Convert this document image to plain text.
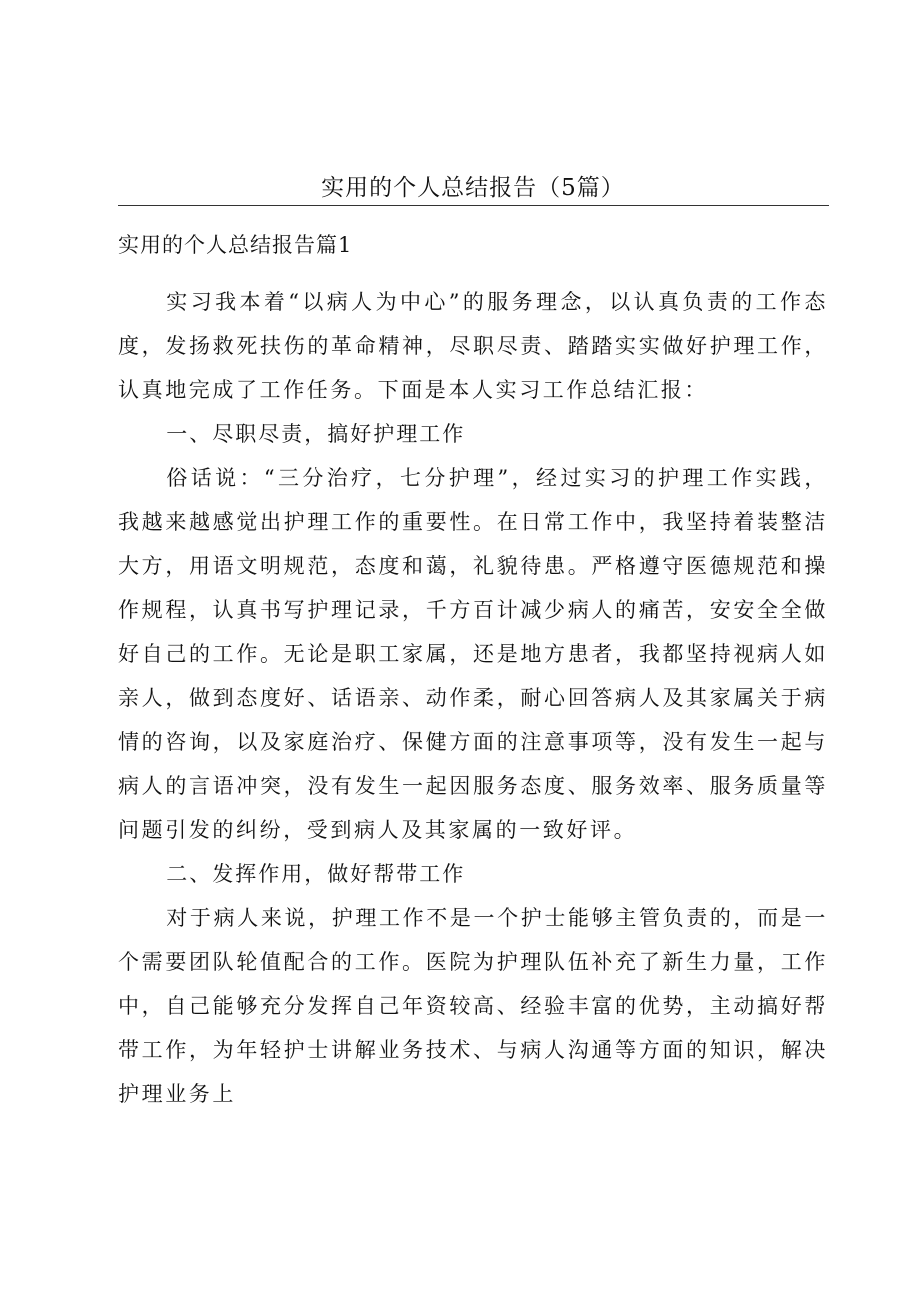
实用的个人总结报告（5篇）
实用的个人总结报告篇1

实习我本着“以病人为中心”的服务理念，以认真负责的工作态度，发扬救死扶伤的革命精神，尽职尽责、踏踏实实做好护理工作，认真地完成了工作任务。下面是本人实习工作总结汇报：

一、尽职尽责，搞好护理工作

俗话说：“三分治疗，七分护理”，经过实习的护理工作实践，我越来越感觉出护理工作的重要性。在日常工作中，我坚持着装整洁大方，用语文明规范，态度和蔼，礼貌待患。严格遵守医德规范和操作规程，认真书写护理记录，千方百计减少病人的痛苦，安安全全做好自己的工作。无论是职工家属，还是地方患者，我都坚持视病人如亲人，做到态度好、话语亲、动作柔，耐心回答病人及其家属关于病情的咨询，以及家庭治疗、保健方面的注意事项等，没有发生一起与病人的言语冲突，没有发生一起因服务态度、服务效率、服务质量等问题引发的纠纷，受到病人及其家属的一致好评。

二、发挥作用，做好帮带工作

对于病人来说，护理工作不是一个护士能够主管负责的，而是一个需要团队轮值配合的工作。医院为护理队伍补充了新生力量，工作中，自己能够充分发挥自己年资较高、经验丰富的优势，主动搞好帮带工作，为年轻护士讲解业务技术、与病人沟通等方面的知识，解决护理业务上
